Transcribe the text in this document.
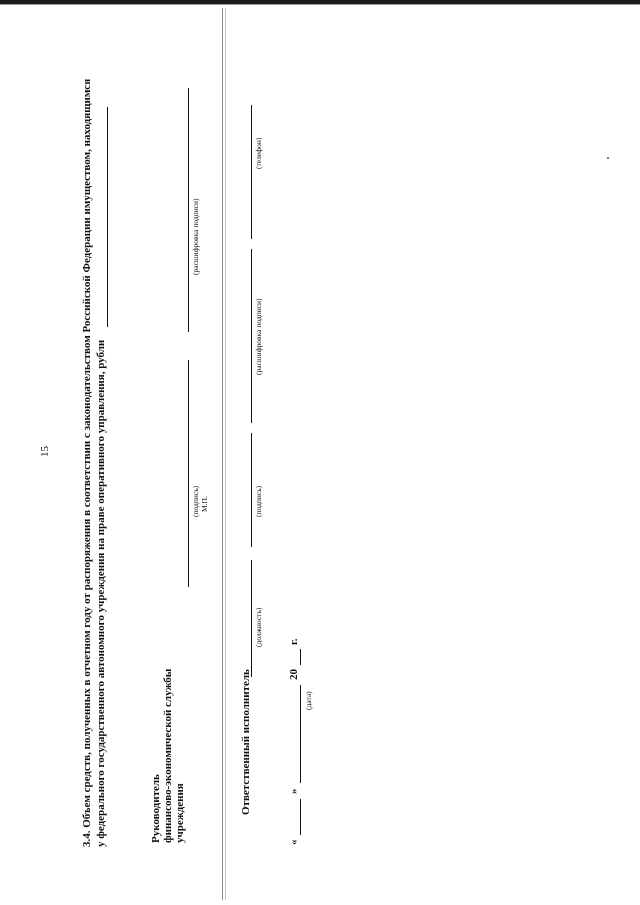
15	3.4. Объем средств, полученных в отчетном году от распоряжения в соответствии с законодательством Российской Федерации имуществом, находящимся у федерального государственного автономного учреждения на праве оперативного управления, рубли	Руководитель финансово-экономической службы учреждения
(подпись) М.П.
(расшифровка подписи)
Ответственный исполнитель
(должность)
(подпись)
(расшифровка подписи)
(телефон)
«
»
20
г.
(дата)
